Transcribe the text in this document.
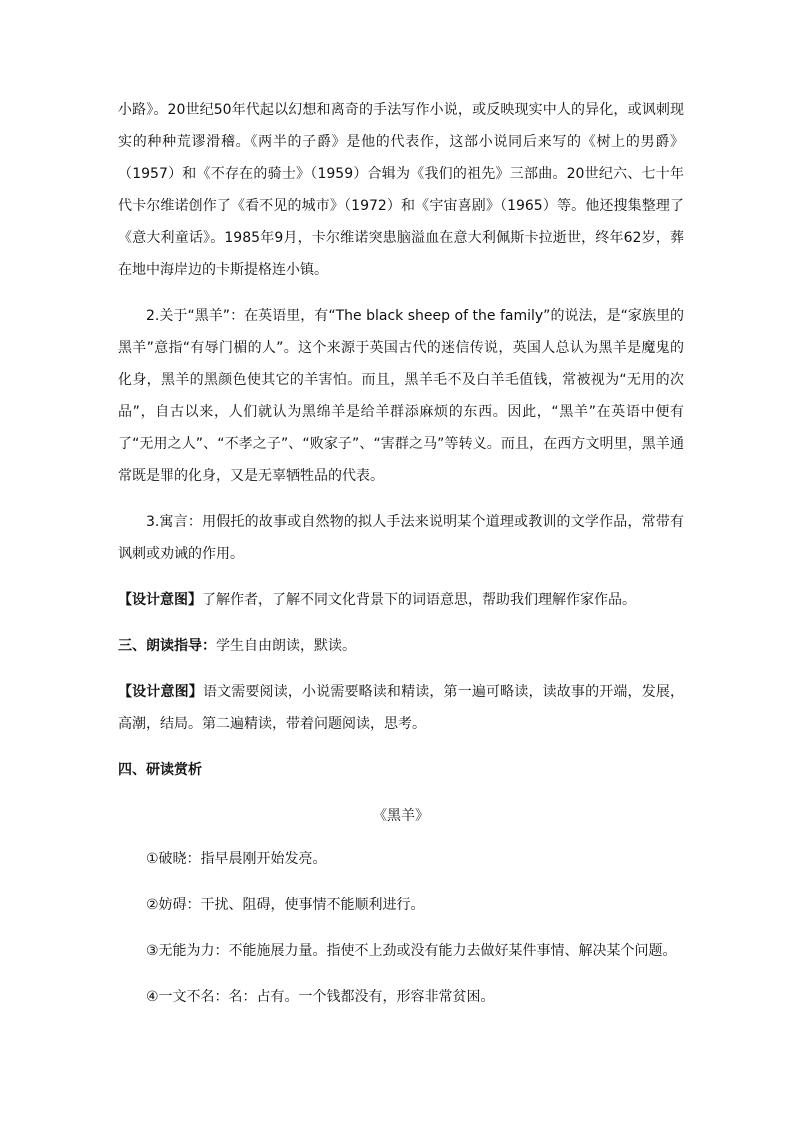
小路》。20世纪50年代起以幻想和离奇的手法写作小说，或反映现实中人的异化，或讽刺现实的种种荒谬滑稽。《两半的子爵》是他的代表作，这部小说同后来写的《树上的男爵》（1957）和《不存在的骑士》（1959）合辑为《我们的祖先》三部曲。20世纪六、七十年代卡尔维诺创作了《看不见的城市》（1972）和《宇宙喜剧》（1965）等。他还搜集整理了《意大利童话》。1985年9月，卡尔维诺突患脑溢血在意大利佩斯卡拉逝世，终年62岁，葬在地中海岸边的卡斯提格连小镇。

2.关于“黑羊”：在英语里，有“The black sheep of the family”的说法，是“家族里的黑羊”意指“有辱门楣的人”。这个来源于英国古代的迷信传说，英国人总认为黑羊是魔鬼的化身，黑羊的黑颜色使其它的羊害怕。而且，黑羊毛不及白羊毛值钱，常被视为“无用的次品”，自古以来，人们就认为黑绵羊是给羊群添麻烦的东西。因此，“黑羊”在英语中便有了“无用之人”、“不孝之子”、“败家子”、“害群之马”等转义。而且，在西方文明里，黑羊通常既是罪的化身，又是无辜牺牲品的代表。

3.寓言：用假托的故事或自然物的拟人手法来说明某个道理或教训的文学作品，常带有讽刺或劝诫的作用。

【设计意图】了解作者，了解不同文化背景下的词语意思，帮助我们理解作家作品。

三、朗读指导：学生自由朗读，默读。

【设计意图】语文需要阅读，小说需要略读和精读，第一遍可略读，读故事的开端，发展，高潮，结局。第二遍精读，带着问题阅读，思考。

四、研读赏析

《黑羊》

①破晓：指早晨刚开始发亮。

②妨碍：干扰、阻碍，使事情不能顺利进行。

③无能为力：不能施展力量。指使不上劲或没有能力去做好某件事情、解决某个问题。

④一文不名：名：占有。一个钱都没有，形容非常贫困。
